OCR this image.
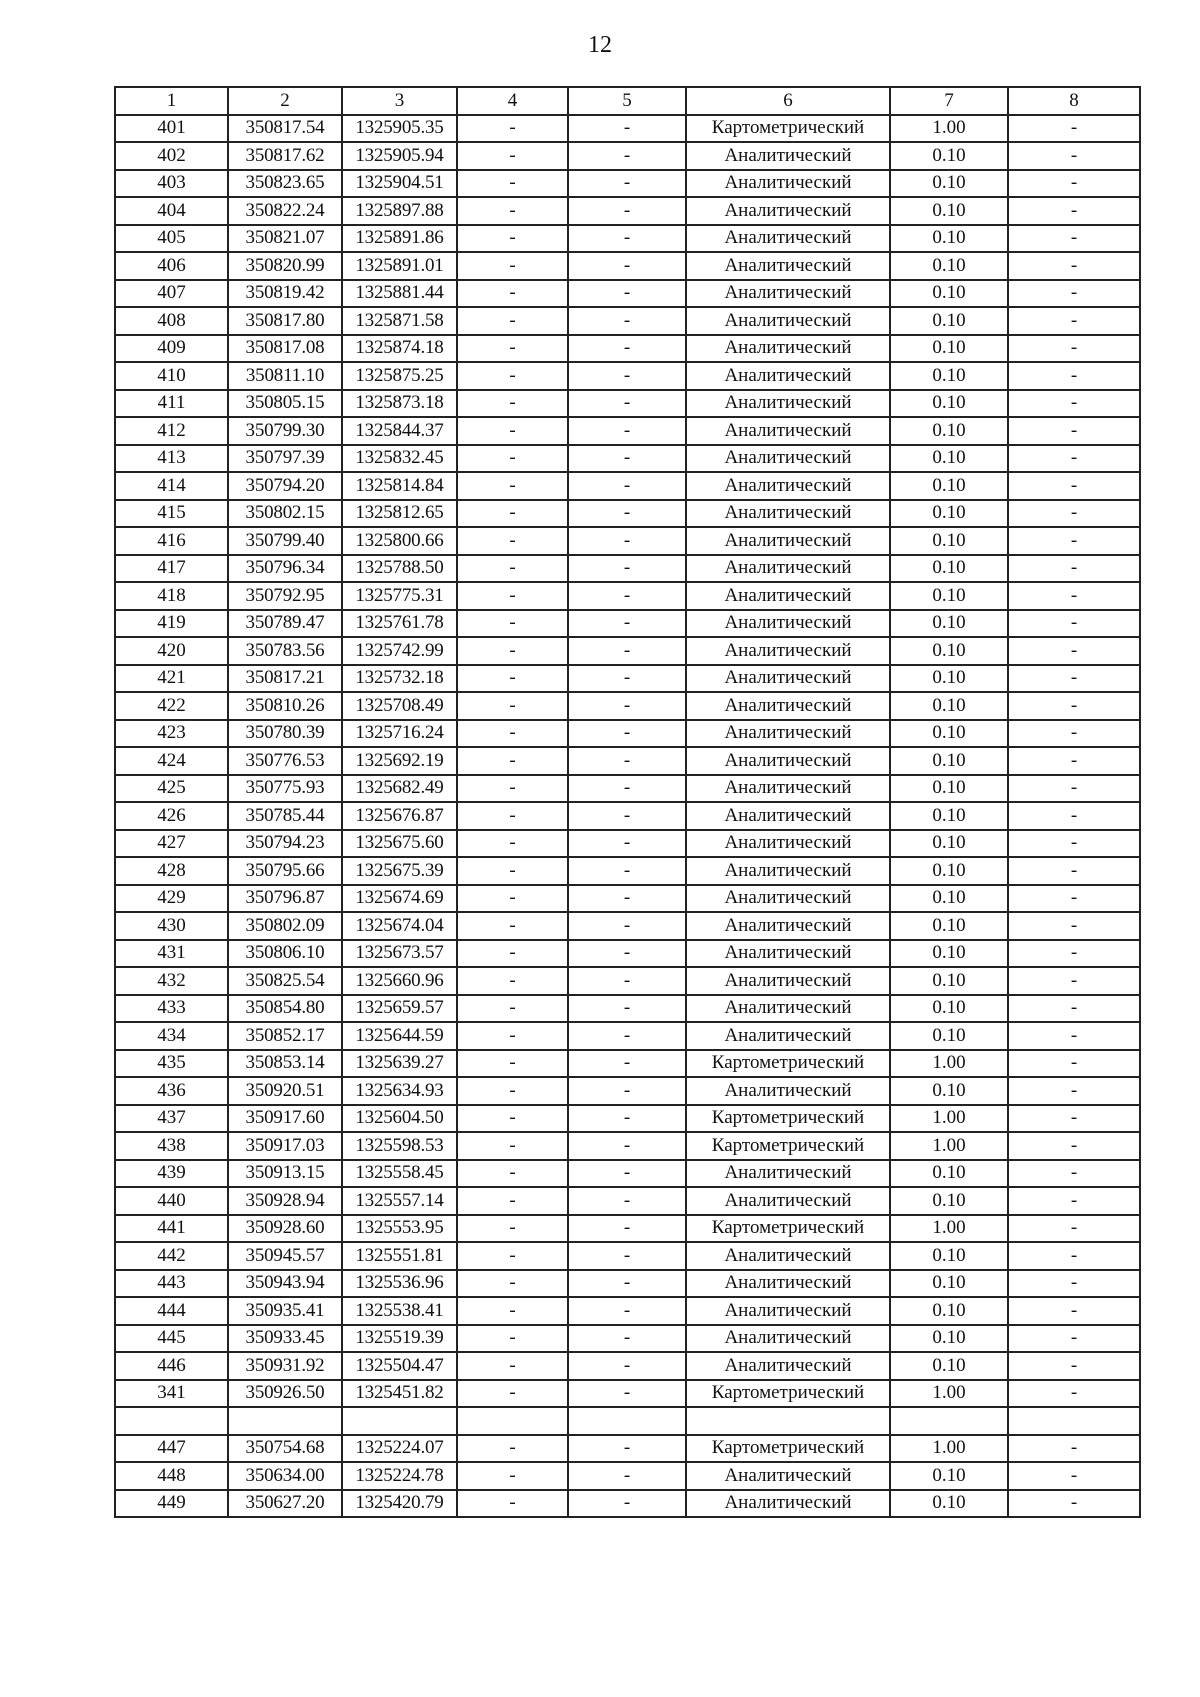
12
1	2	3	4	5	6	7	8
401	350817.54	1325905.35	-	-	Картометрический	1.00	-
402	350817.62	1325905.94	-	-	Аналитический	0.10	-
403	350823.65	1325904.51	-	-	Аналитический	0.10	-
404	350822.24	1325897.88	-	-	Аналитический	0.10	-
405	350821.07	1325891.86	-	-	Аналитический	0.10	-
406	350820.99	1325891.01	-	-	Аналитический	0.10	-
407	350819.42	1325881.44	-	-	Аналитический	0.10	-
408	350817.80	1325871.58	-	-	Аналитический	0.10	-
409	350817.08	1325874.18	-	-	Аналитический	0.10	-
410	350811.10	1325875.25	-	-	Аналитический	0.10	-
411	350805.15	1325873.18	-	-	Аналитический	0.10	-
412	350799.30	1325844.37	-	-	Аналитический	0.10	-
413	350797.39	1325832.45	-	-	Аналитический	0.10	-
414	350794.20	1325814.84	-	-	Аналитический	0.10	-
415	350802.15	1325812.65	-	-	Аналитический	0.10	-
416	350799.40	1325800.66	-	-	Аналитический	0.10	-
417	350796.34	1325788.50	-	-	Аналитический	0.10	-
418	350792.95	1325775.31	-	-	Аналитический	0.10	-
419	350789.47	1325761.78	-	-	Аналитический	0.10	-
420	350783.56	1325742.99	-	-	Аналитический	0.10	-
421	350817.21	1325732.18	-	-	Аналитический	0.10	-
422	350810.26	1325708.49	-	-	Аналитический	0.10	-
423	350780.39	1325716.24	-	-	Аналитический	0.10	-
424	350776.53	1325692.19	-	-	Аналитический	0.10	-
425	350775.93	1325682.49	-	-	Аналитический	0.10	-
426	350785.44	1325676.87	-	-	Аналитический	0.10	-
427	350794.23	1325675.60	-	-	Аналитический	0.10	-
428	350795.66	1325675.39	-	-	Аналитический	0.10	-
429	350796.87	1325674.69	-	-	Аналитический	0.10	-
430	350802.09	1325674.04	-	-	Аналитический	0.10	-
431	350806.10	1325673.57	-	-	Аналитический	0.10	-
432	350825.54	1325660.96	-	-	Аналитический	0.10	-
433	350854.80	1325659.57	-	-	Аналитический	0.10	-
434	350852.17	1325644.59	-	-	Аналитический	0.10	-
435	350853.14	1325639.27	-	-	Картометрический	1.00	-
436	350920.51	1325634.93	-	-	Аналитический	0.10	-
437	350917.60	1325604.50	-	-	Картометрический	1.00	-
438	350917.03	1325598.53	-	-	Картометрический	1.00	-
439	350913.15	1325558.45	-	-	Аналитический	0.10	-
440	350928.94	1325557.14	-	-	Аналитический	0.10	-
441	350928.60	1325553.95	-	-	Картометрический	1.00	-
442	350945.57	1325551.81	-	-	Аналитический	0.10	-
443	350943.94	1325536.96	-	-	Аналитический	0.10	-
444	350935.41	1325538.41	-	-	Аналитический	0.10	-
445	350933.45	1325519.39	-	-	Аналитический	0.10	-
446	350931.92	1325504.47	-	-	Аналитический	0.10	-
341	350926.50	1325451.82	-	-	Картометрический	1.00	-

447	350754.68	1325224.07	-	-	Картометрический	1.00	-
448	350634.00	1325224.78	-	-	Аналитический	0.10	-
449	350627.20	1325420.79	-	-	Аналитический	0.10	-
